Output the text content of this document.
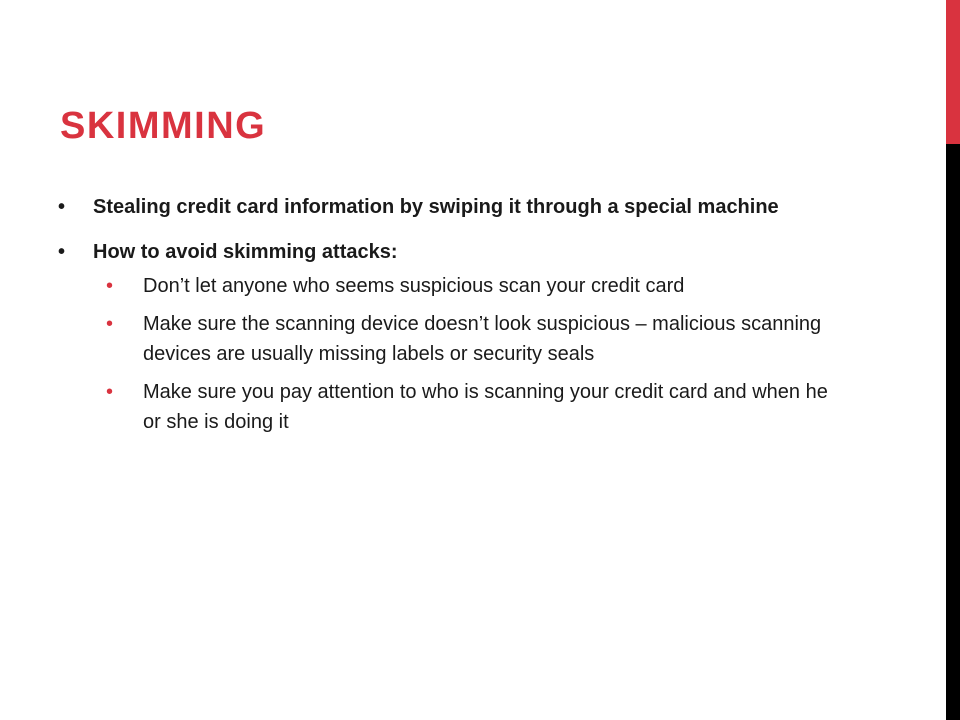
SKIMMING
• Stealing credit card information by swiping it through a special machine
• How to avoid skimming attacks:
• Don’t let anyone who seems suspicious scan your credit card
• Make sure the scanning device doesn’t look suspicious – malicious scanning devices are usually missing labels or security seals
• Make sure you pay attention to who is scanning your credit card and when he or she is doing it
